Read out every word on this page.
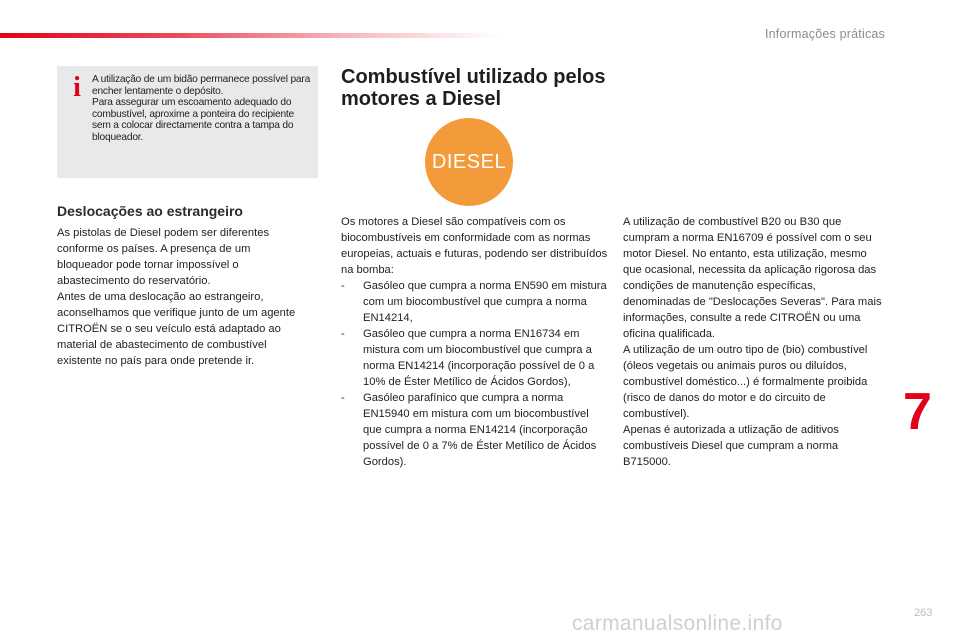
Informações práticas
i	A utilização de um bidão permanece possível para encher lentamente o depósito.

Para assegurar um escoamento adequado do combustível, aproxime a ponteira do recipiente sem a colocar directamente contra a tampa do bloqueador.

Deslocações ao estrangeiro

As pistolas de Diesel podem ser diferentes conforme os países. A presença de um bloqueador pode tornar impossível o abastecimento do reservatório.

Antes de uma deslocação ao estrangeiro, aconselhamos que verifique junto de um agente CITROËN se o seu veículo está adaptado ao material de abastecimento de combustível existente no país para onde pretende ir.

Combustível utilizado pelos motores a Diesel
DIESEL

Os motores a Diesel são compatíveis com os biocombustíveis em conformidade com as normas europeias, actuais e futuras, podendo ser distribuídos na bomba:

- Gasóleo que cumpra a norma EN590 em mistura com um biocombustível que cumpra a norma EN14214,
- Gasóleo que cumpra a norma EN16734 em mistura com um biocombustível que cumpra a norma EN14214 (incorporação possível de 0 a 10% de Éster Metílico de Ácidos Gordos),
- Gasóleo parafínico que cumpra a norma EN15940 em mistura com um biocombustível que cumpra a norma EN14214 (incorporação possível de 0 a 7% de Éster Metílico de Ácidos Gordos).

A utilização de combustível B20 ou B30 que cumpram a norma EN16709 é possível com o seu motor Diesel. No entanto, esta utilização, mesmo que ocasional, necessita da aplicação rigorosa das condições de manutenção específicas, denominadas de "Deslocações Severas". Para mais informações, consulte a rede CITROËN ou uma oficina qualificada.

A utilização de um outro tipo de (bio) combustível (óleos vegetais ou animais puros ou diluídos, combustível doméstico...) é formalmente proibida (risco de danos do motor e do circuito de combustível).

Apenas é autorizada a utlização de aditivos combustíveis Diesel que cumpram a norma B715000.

7
carmanualsonline.info	263
